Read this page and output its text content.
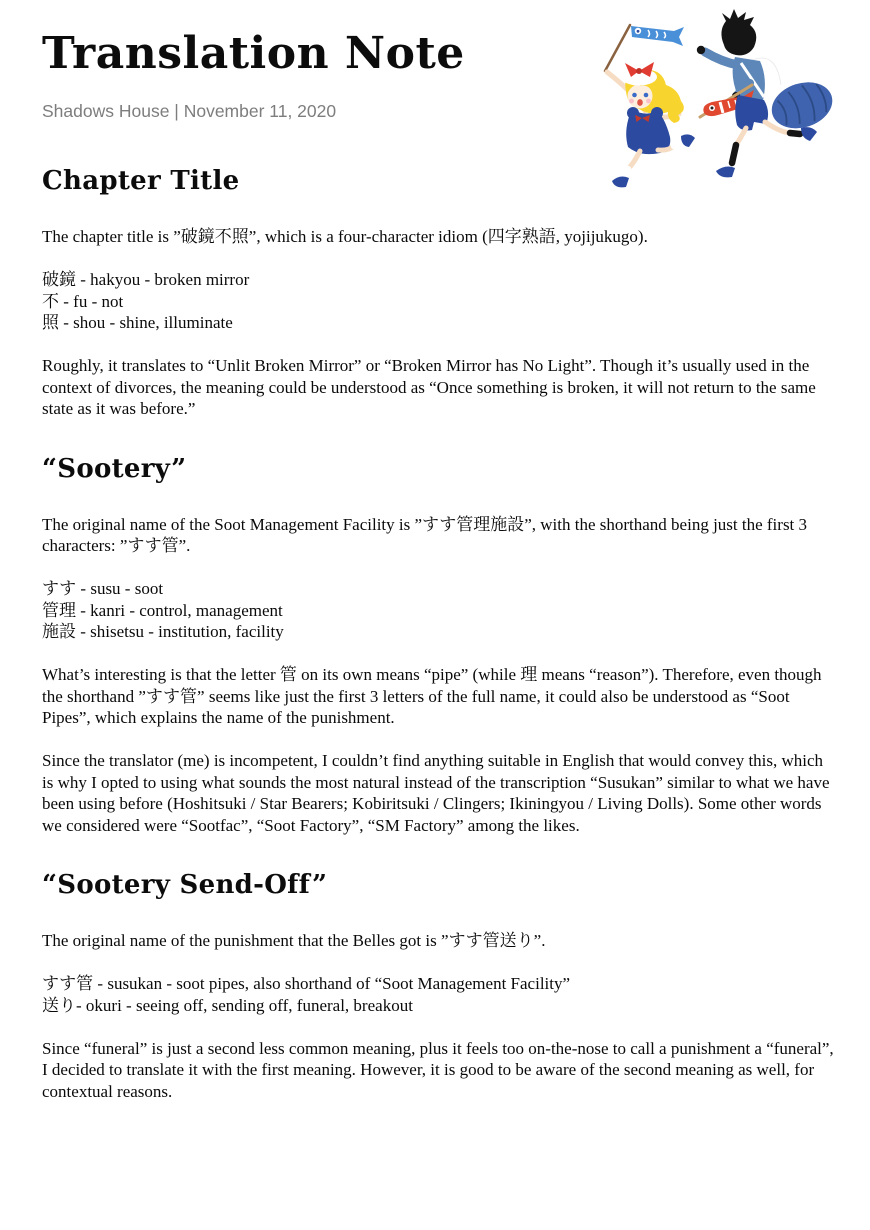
Translation Note
Shadows House | November 11, 2020
Chapter Title

The chapter title is ”破鏡不照”, which is a four-character idiom (四字熟語, yojijukugo).

破鏡 - hakyou - broken mirror
不 - fu - not
照 - shou - shine, illuminate

Roughly, it translates to “Unlit Broken Mirror” or “Broken Mirror has No Light”. Though it’s usually used in the context of divorces, the meaning could be understood as “Once something is broken, it will not return to the same state as it was before.”

“Sootery”

The original name of the Soot Management Facility is ”すす管理施設”, with the shorthand being just the first 3 characters: ”すす管”.

すす - susu - soot
管理 - kanri - control, management
施設 - shisetsu - institution, facility

What’s interesting is that the letter 管 on its own means “pipe” (while 理 means “reason”). Therefore, even though the shorthand ”すす管” seems like just the first 3 letters of the full name, it could also be understood as “Soot Pipes”, which explains the name of the punishment.

Since the translator (me) is incompetent, I couldn’t find anything suitable in English that would convey this, which is why I opted to using what sounds the most natural instead of the transcription “Susukan” similar to what we have been using before (Hoshitsuki / Star Bearers; Kobiritsuki / Clingers; Ikiningyou / Living Dolls). Some other words we considered were “Sootfac”, “Soot Factory”, “SM Factory” among the likes.

“Sootery Send-Off”

The original name of the punishment that the Belles got is ”すす管送り”.

すす管 - susukan - soot pipes, also shorthand of “Soot Management Facility”
送り- okuri - seeing off, sending off, funeral, breakout

Since “funeral” is just a second less common meaning, plus it feels too on-the-nose to call a punishment a “funeral”, I decided to translate it with the first meaning. However, it is good to be aware of the second meaning as well, for contextual reasons.
